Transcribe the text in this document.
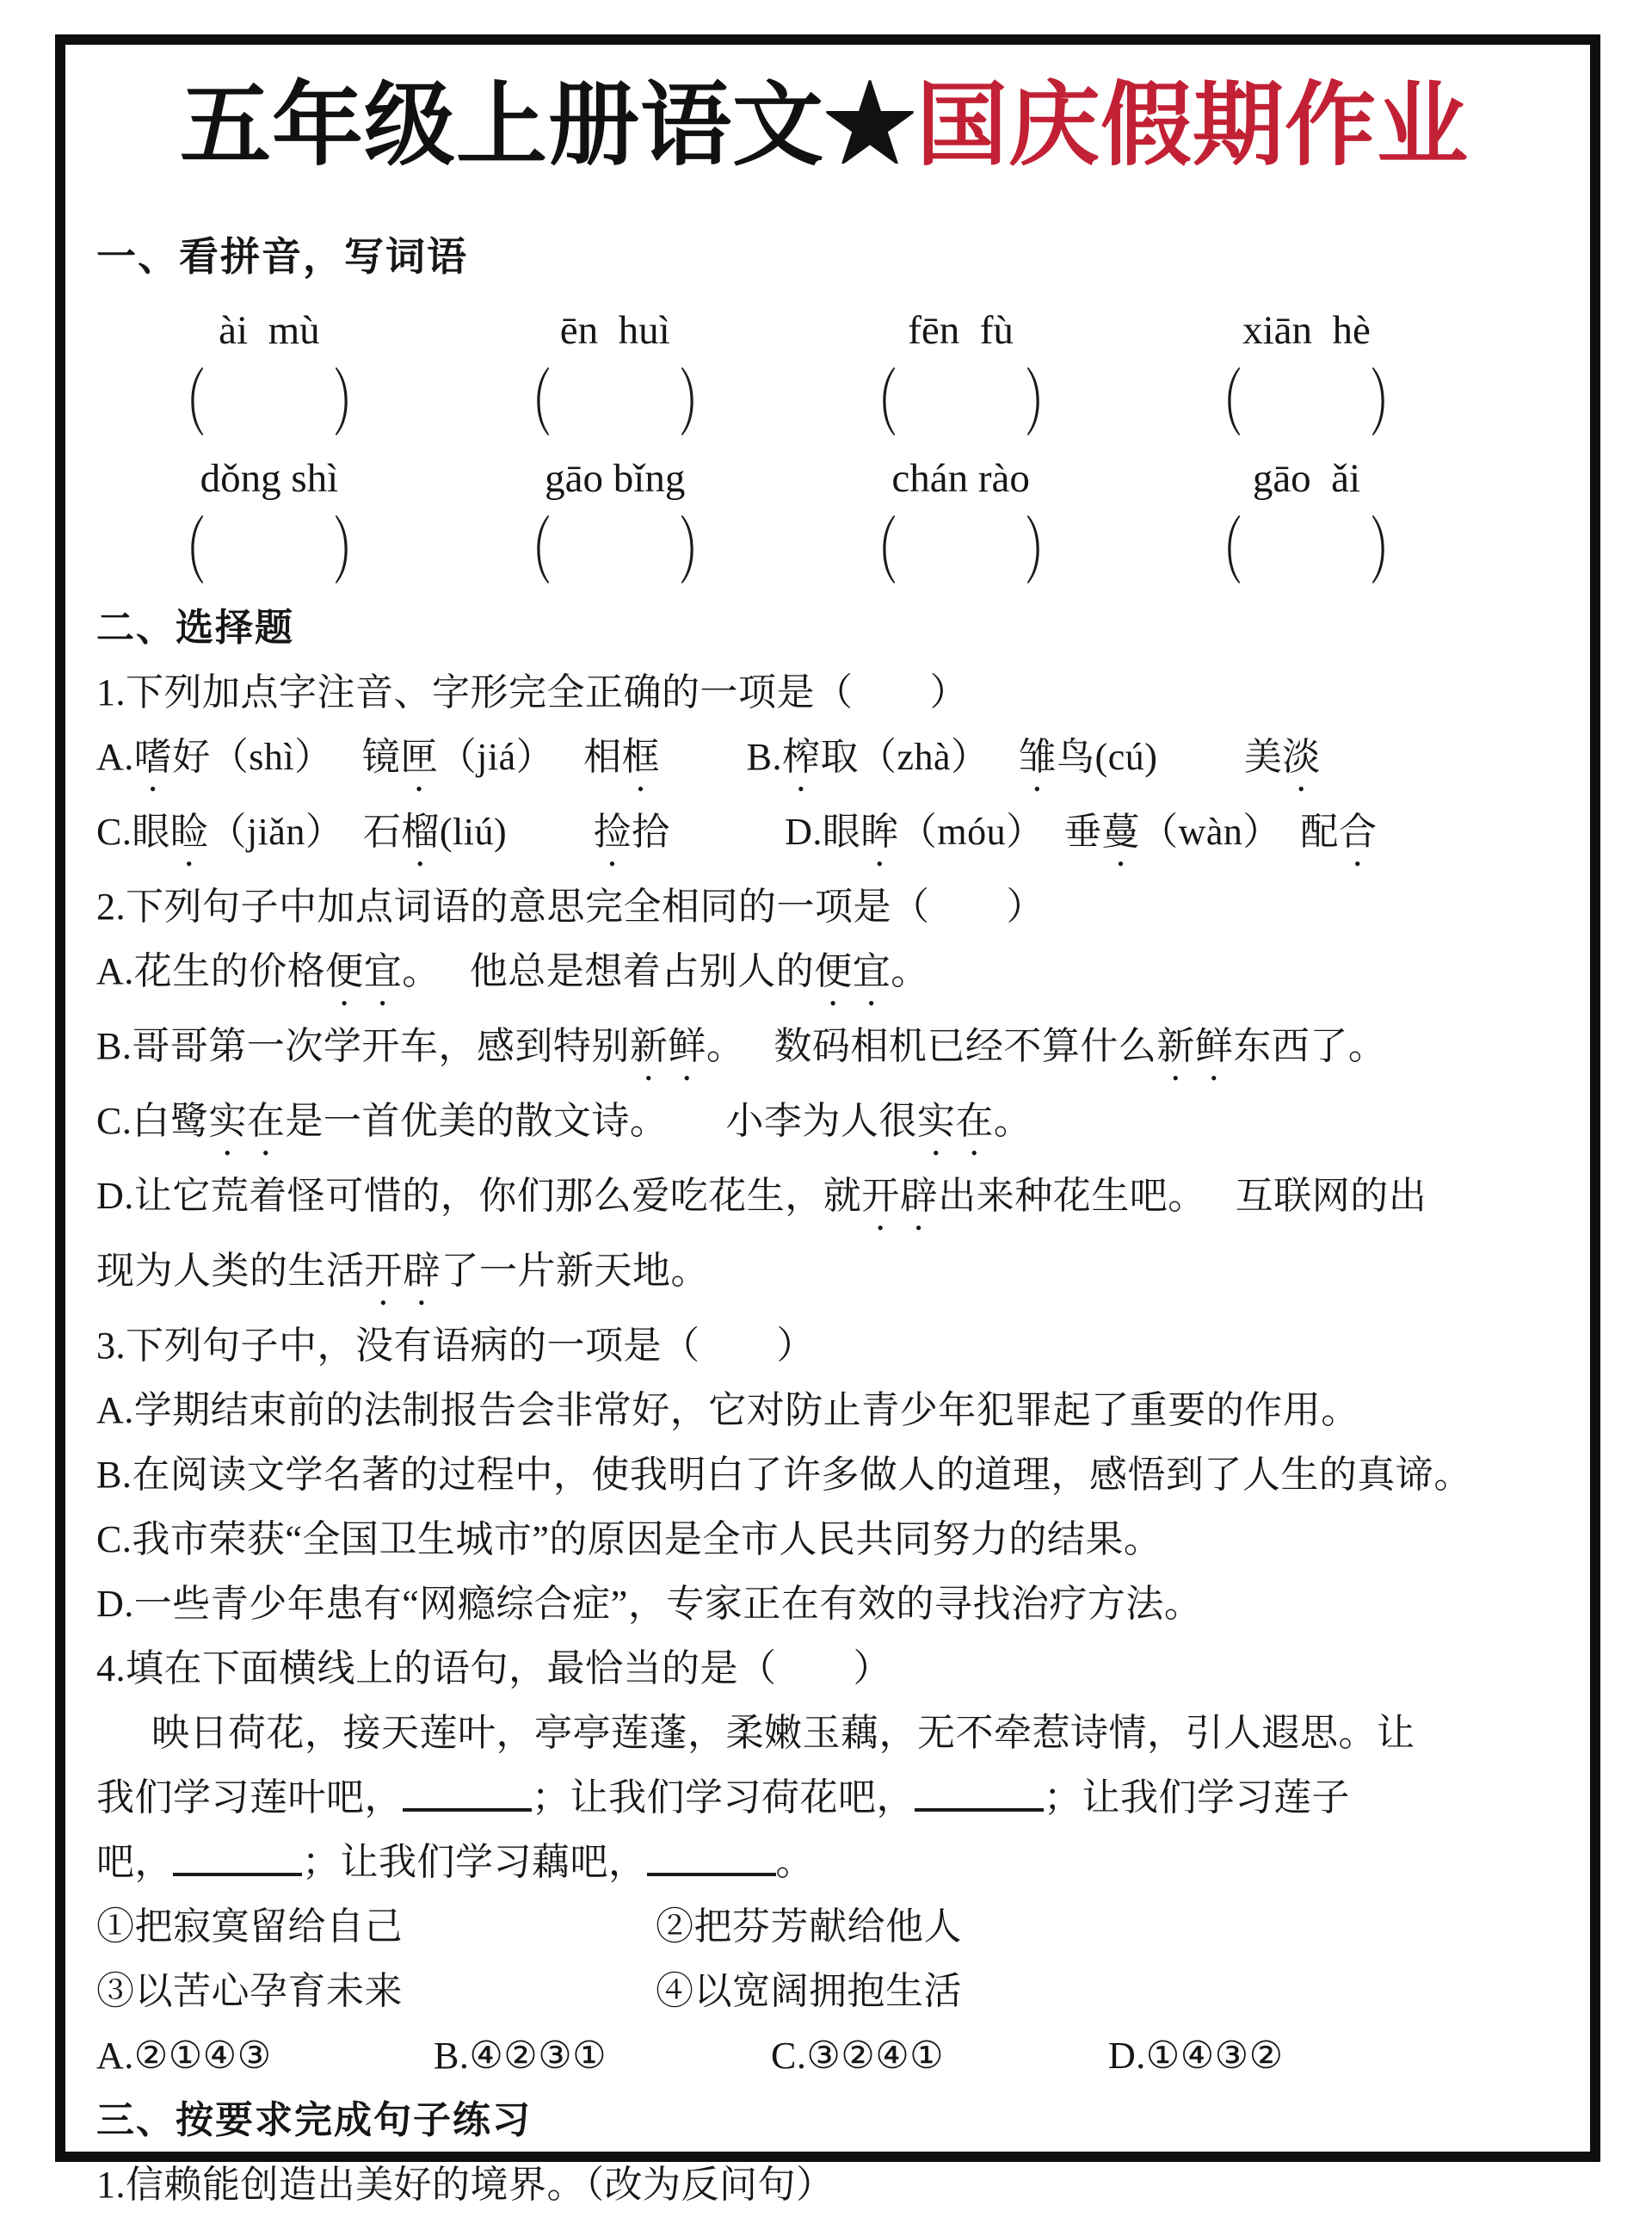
五年级上册语文★国庆假期作业
一、看拼音，写词语
ài  mù	ēn  huì	fēn  fù	xiān  hè
（	）	（	）	（	）	（	）
dǒng shì	gāo bǐng	chán rào	gāo  ǎi
（	）	（	）	（	）	（	）
二、选择题
1.下列加点字注音、字形完全正确的一项是（　　）
A.嗜好（shì）　 镜匣（jiá）　 相框　　 B.榨取（zhà）　 雏鸟(cú)　　 美淡
C.眼睑（jiǎn）　石榴(liú)　　 捡拾　　　D.眼眸（móu）　垂蔓（wàn）　配合
2.下列句子中加点词语的意思完全相同的一项是（　　）
A.花生的价格便宜。　 他总是想着占别人的便宜。
B.哥哥第一次学开车，感到特别新鲜。　 数码相机已经不算什么新鲜东西了。
C.白鹭实在是一首优美的散文诗。　　小李为人很实在。
D.让它荒着怪可惜的，你们那么爱吃花生，就开辟出来种花生吧。　 互联网的出
现为人类的生活开辟了一片新天地。
3.下列句子中，没有语病的一项是（　　）
A.学期结束前的法制报告会非常好，它对防止青少年犯罪起了重要的作用。
B.在阅读文学名著的过程中，使我明白了许多做人的道理，感悟到了人生的真谛。
C.我市荣获“全国卫生城市”的原因是全市人民共同努力的结果。
D.一些青少年患有“网瘾综合症”，专家正在有效的寻找治疗方法。
4.填在下面横线上的语句，最恰当的是（　　）
映日荷花，接天莲叶，亭亭莲蓬，柔嫩玉藕，无不牵惹诗情，引人遐思。让
我们学习莲叶吧，	；让我们学习荷花吧，	；让我们学习莲子
吧，	；让我们学习藕吧，	。
①把寂寞留给自己	②把芬芳献给他人
③以苦心孕育未来	④以宽阔拥抱生活
A.②①④③	B.④②③①	C.③②④①	D.①④③②
三、按要求完成句子练习
1.信赖能创造出美好的境界。（改为反问句）
